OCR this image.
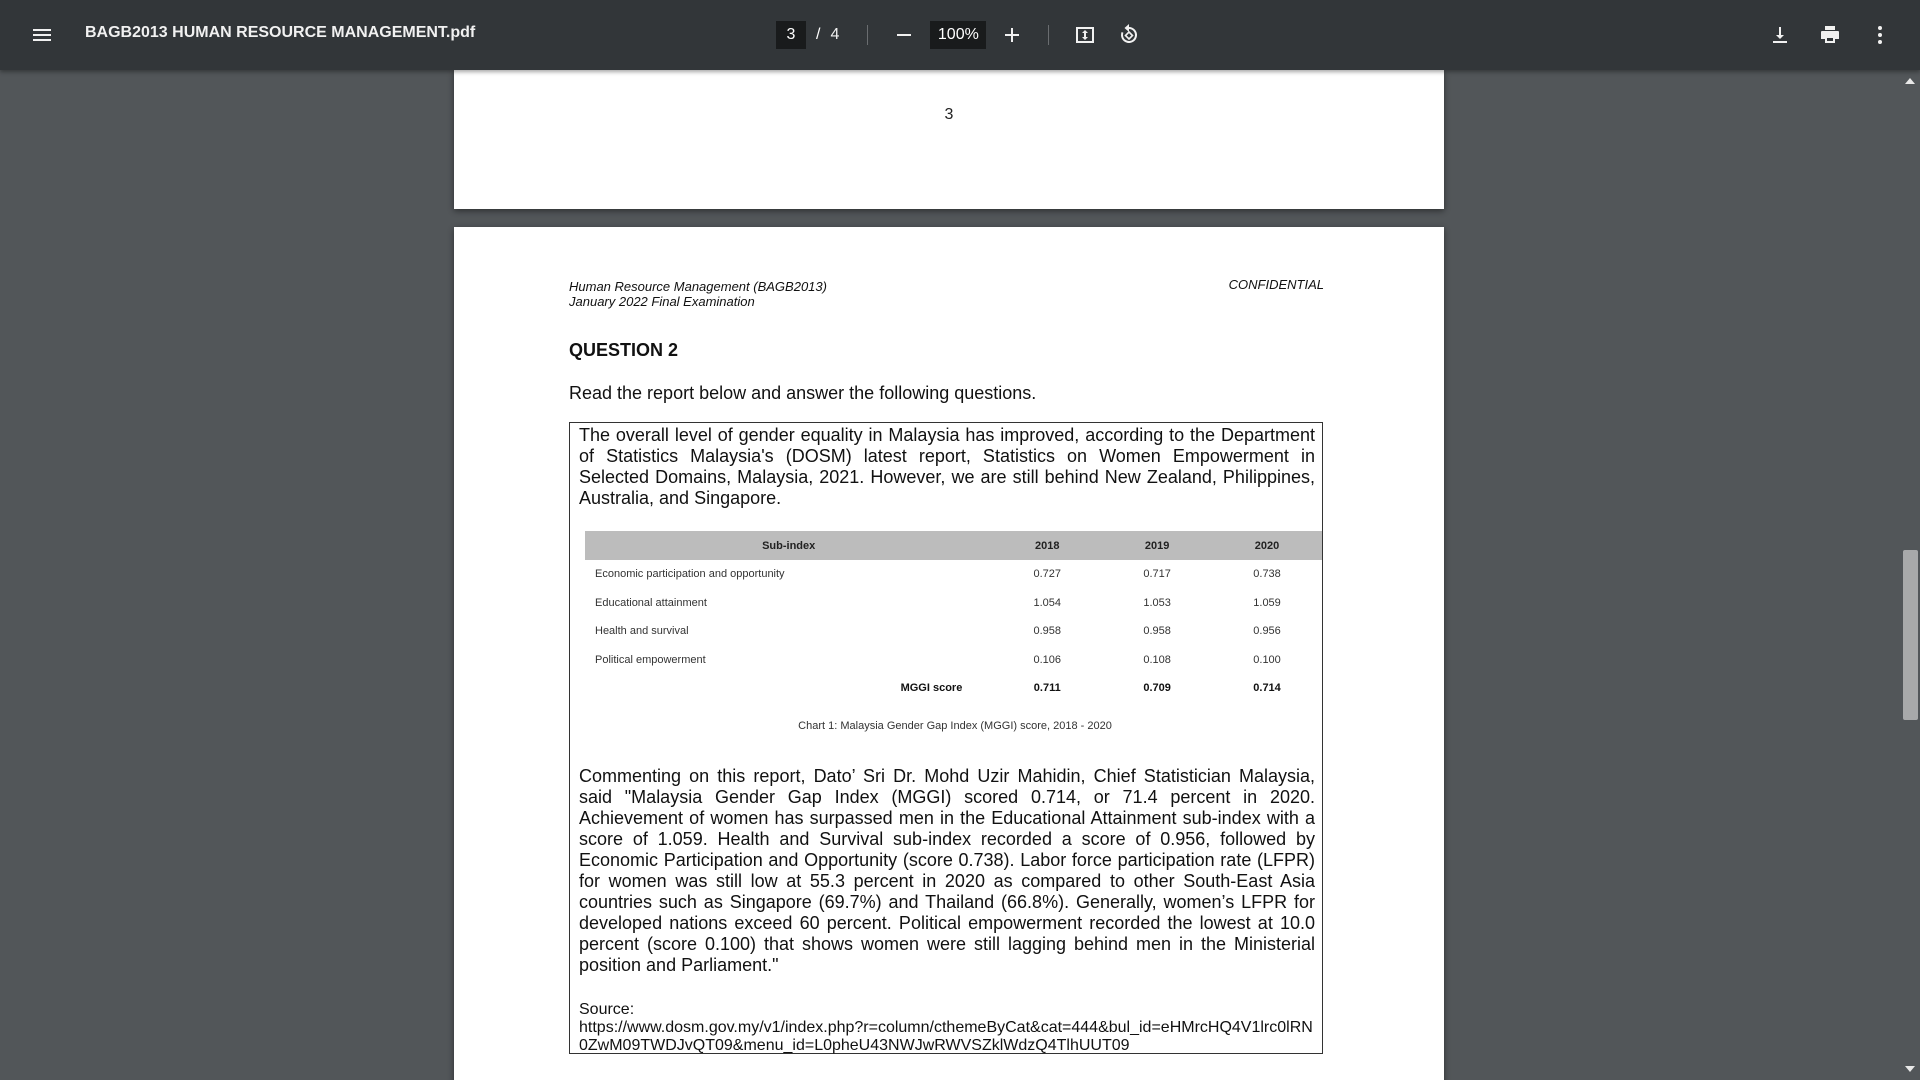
BAGB2013 HUMAN RESOURCE MANAGEMENT.pdf
3	/ 4
100%
3
Human Resource Management (BAGB2013)
January 2022 Final Examination
CONFIDENTIAL
QUESTION 2
Read the report below and answer the following questions.
The overall level of gender equality in Malaysia has improved, according to the Department of Statistics Malaysia's (DOSM) latest report, Statistics on Women Empowerment in Selected Domains, Malaysia, 2021. However, we are still behind New Zealand, Philippines, Australia, and Singapore.
Sub-index	2018	2019	2020
Economic participation and opportunity	0.727	0.717	0.738
Educational attainment	1.054	1.053	1.059
Health and survival	0.958	0.958	0.956
Political empowerment	0.106	0.108	0.100
MGGI score	0.711	0.709	0.714
Chart 1: Malaysia Gender Gap Index (MGGI) score, 2018 - 2020
Commenting on this report, Dato’ Sri Dr. Mohd Uzir Mahidin, Chief Statistician Malaysia, said "Malaysia Gender Gap Index (MGGI) scored 0.714, or 71.4 percent in 2020. Achievement of women has surpassed men in the Educational Attainment sub-index with a score of 1.059. Health and Survival sub-index recorded a score of 0.956, followed by Economic Participation and Opportunity (score 0.738). Labor force participation rate (LFPR) for women was still low at 55.3 percent in 2020 as compared to other South-East Asia countries such as Singapore (69.7%) and Thailand (66.8%). Generally, women’s LFPR for developed nations exceed 60 percent. Political empowerment recorded the lowest at 10.0 percent (score 0.100) that shows women were still lagging behind men in the Ministerial position and Parliament."
Source:
https://www.dosm.gov.my/v1/index.php?r=column/cthemeByCat&cat=444&bul_id=eHMrcHQ4V1lrc0lRN0ZwM09TWDJvQT09&menu_id=L0pheU43NWJwRWVSZklWdzQ4TlhUUT09
